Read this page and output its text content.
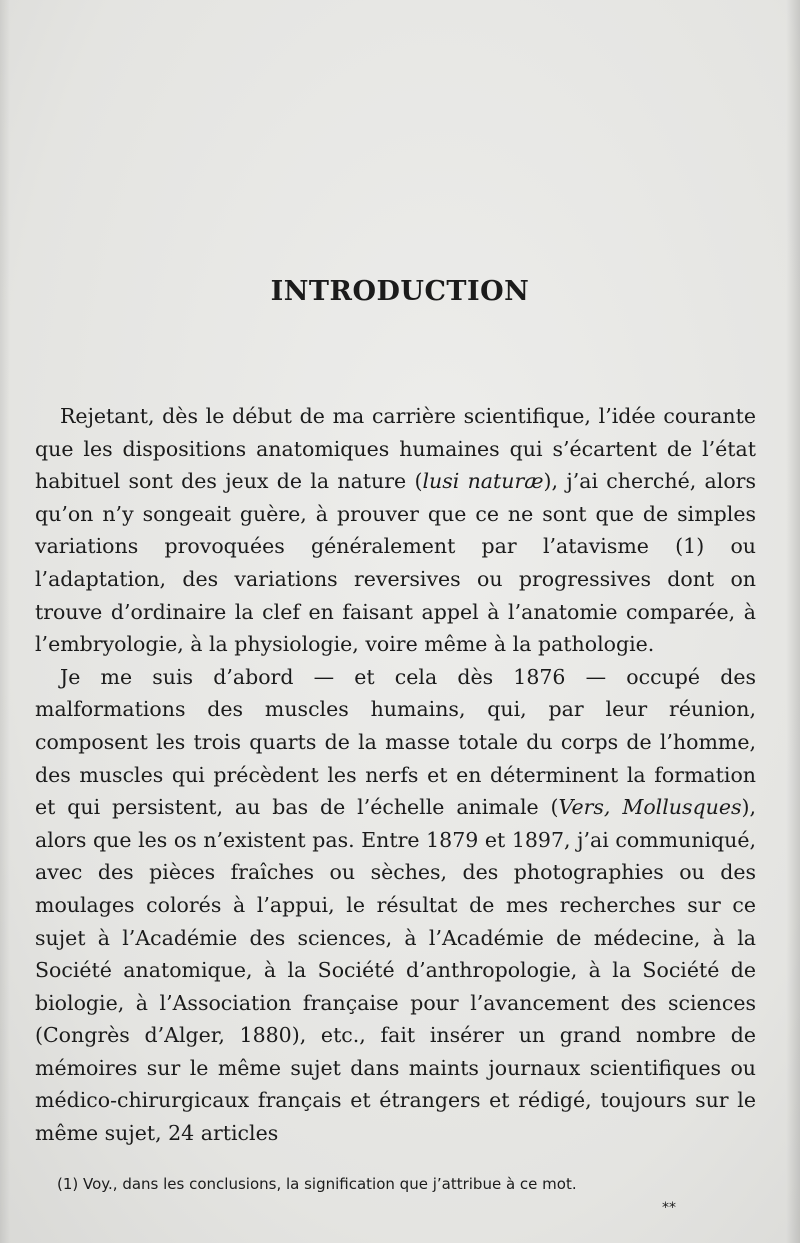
INTRODUCTION

Rejetant, dès le début de ma carrière scientifique, l’idée courante que les dispositions anatomiques humaines qui s’écartent de l’état habituel sont des jeux de la nature (lusi naturæ), j’ai cherché, alors qu’on n’y songeait guère, à prouver que ce ne sont que de simples variations provoquées généralement par l’atavisme (1) ou l’adaptation, des variations reversives ou progressives dont on trouve d’ordinaire la clef en faisant appel à l’anatomie comparée, à l’embryologie, à la physiologie, voire même à la pathologie.

Je me suis d’abord — et cela dès 1876 — occupé des malformations des muscles humains, qui, par leur réunion, composent les trois quarts de la masse totale du corps de l’homme, des muscles qui précèdent les nerfs et en déterminent la formation et qui persistent, au bas de l’échelle animale (Vers, Mollusques), alors que les os n’existent pas. Entre 1879 et 1897, j’ai communiqué, avec des pièces fraîches ou sèches, des photographies ou des moulages colorés à l’appui, le résultat de mes recherches sur ce sujet à l’Académie des sciences, à l’Académie de médecine, à la Société anatomique, à la Société d’anthropologie, à la Société de biologie, à l’Association française pour l’avancement des sciences (Congrès d’Alger, 1880), etc., fait insérer un grand nombre de mémoires sur le même sujet dans maints journaux scientifiques ou médico-chirurgicaux français et étrangers et rédigé, toujours sur le même sujet, 24 articles

(1) Voy., dans les conclusions, la signification que j’attribue à ce mot.
**
